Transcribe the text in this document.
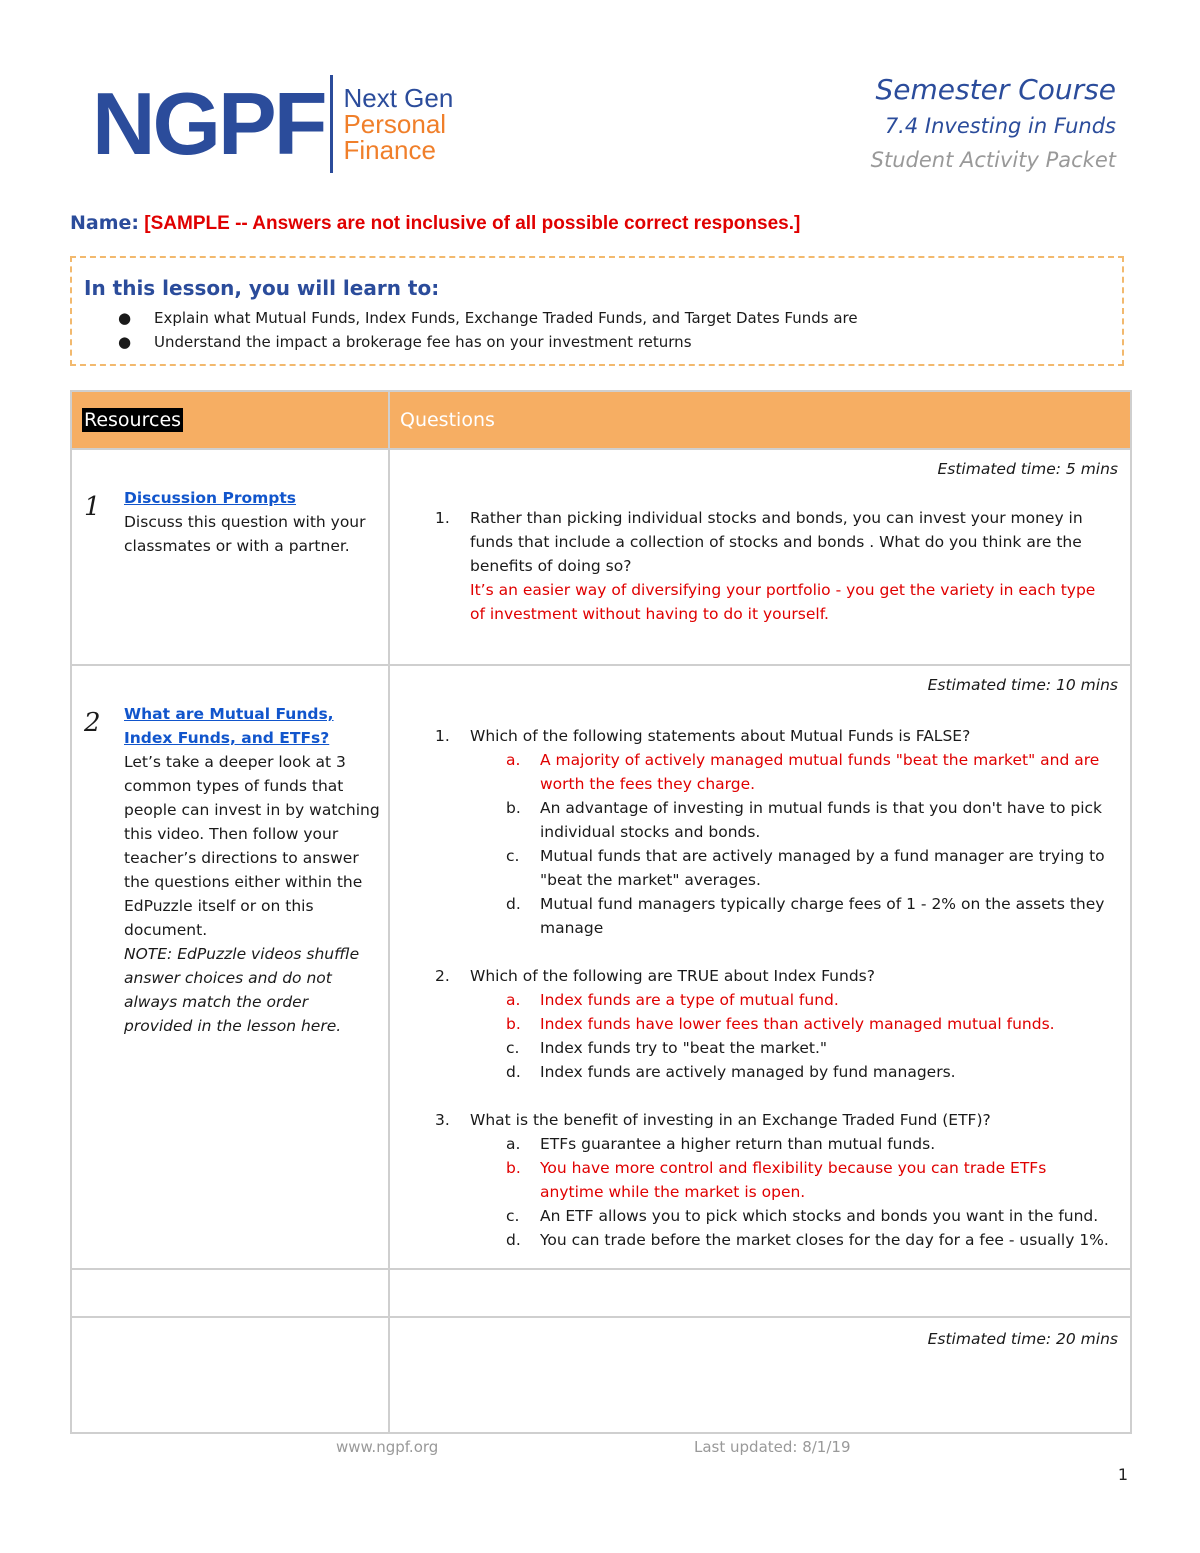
NGPF Next Gen
Personal
Finance
Semester Course
7.4 Investing in Funds
Student Activity Packet
Name: [SAMPLE -- Answers are not inclusive of all possible correct responses.]
In this lesson, you will learn to:
● Explain what Mutual Funds, Index Funds, Exchange Traded Funds, and Target Dates Funds are
● Understand the impact a brokerage fee has on your investment returns
Resources	Questions
1 Discussion Prompts
Discuss this question with your classmates or with a partner.
Estimated time: 5 mins
1. Rather than picking individual stocks and bonds, you can invest your money in funds that include a collection of stocks and bonds . What do you think are the benefits of doing so?
It’s an easier way of diversifying your portfolio - you get the variety in each type of investment without having to do it yourself.
2 What are Mutual Funds, Index Funds, and ETFs?
Let’s take a deeper look at 3 common types of funds that people can invest in by watching this video. Then follow your teacher’s directions to answer the questions either within the EdPuzzle itself or on this document.
NOTE: EdPuzzle videos shuffle answer choices and do not always match the order provided in the lesson here.
Estimated time: 10 mins
1. Which of the following statements about Mutual Funds is FALSE?
a. A majority of actively managed mutual funds "beat the market" and are worth the fees they charge.
b. An advantage of investing in mutual funds is that you don't have to pick individual stocks and bonds.
c. Mutual funds that are actively managed by a fund manager are trying to "beat the market" averages.
d. Mutual fund managers typically charge fees of 1 - 2% on the assets they manage
2. Which of the following are TRUE about Index Funds?
a. Index funds are a type of mutual fund.
b. Index funds have lower fees than actively managed mutual funds.
c. Index funds try to "beat the market."
d. Index funds are actively managed by fund managers.
3. What is the benefit of investing in an Exchange Traded Fund (ETF)?
a. ETFs guarantee a higher return than mutual funds.
b. You have more control and flexibility because you can trade ETFs anytime while the market is open.
c. An ETF allows you to pick which stocks and bonds you want in the fund.
d. You can trade before the market closes for the day for a fee - usually 1%.
Estimated time: 20 mins
www.ngpf.org	Last updated: 8/1/19
1
